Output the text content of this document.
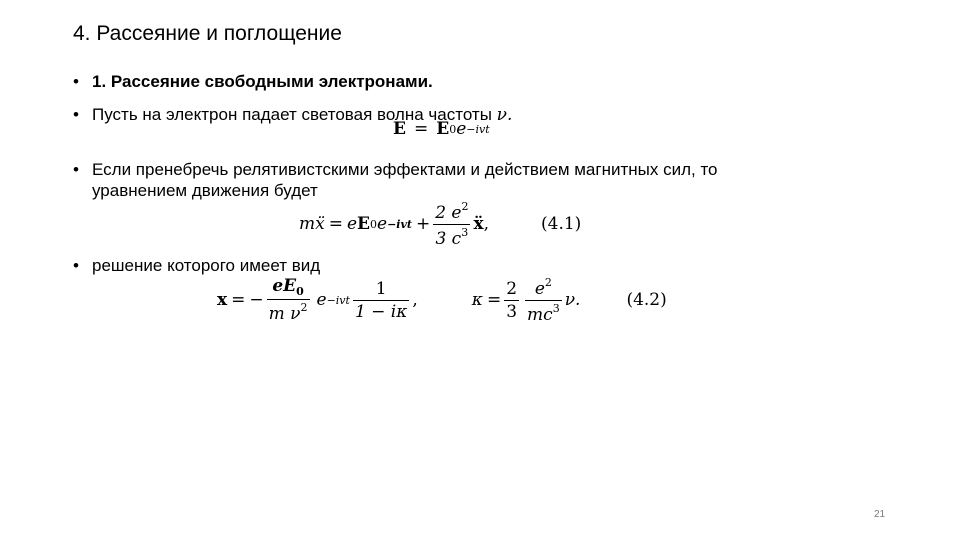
4. Рассеяние и поглощение
• 1. Рассеяние свободными электронами.
• Пусть на электрон падает световая волна частоты ν.
E = E 0 e −ivt
• Если пренебречь релятивистскими эффектами и действием магнитных сил, то
уравнением движения будет
mẍ = e E 0 $e -ivt + \frac{2 e^2}{3 c^3}$ ẍ ,	(4.1)
• решение которого имеет вид
x = − $\frac{eE_0}{m \nu^2}$ $e -ivt \frac{1}{1 - i\kappa}$ ,	$\kappa = \frac{2}{3} \frac{e^2}{mc^3} \nu$.	(4.2)
21
